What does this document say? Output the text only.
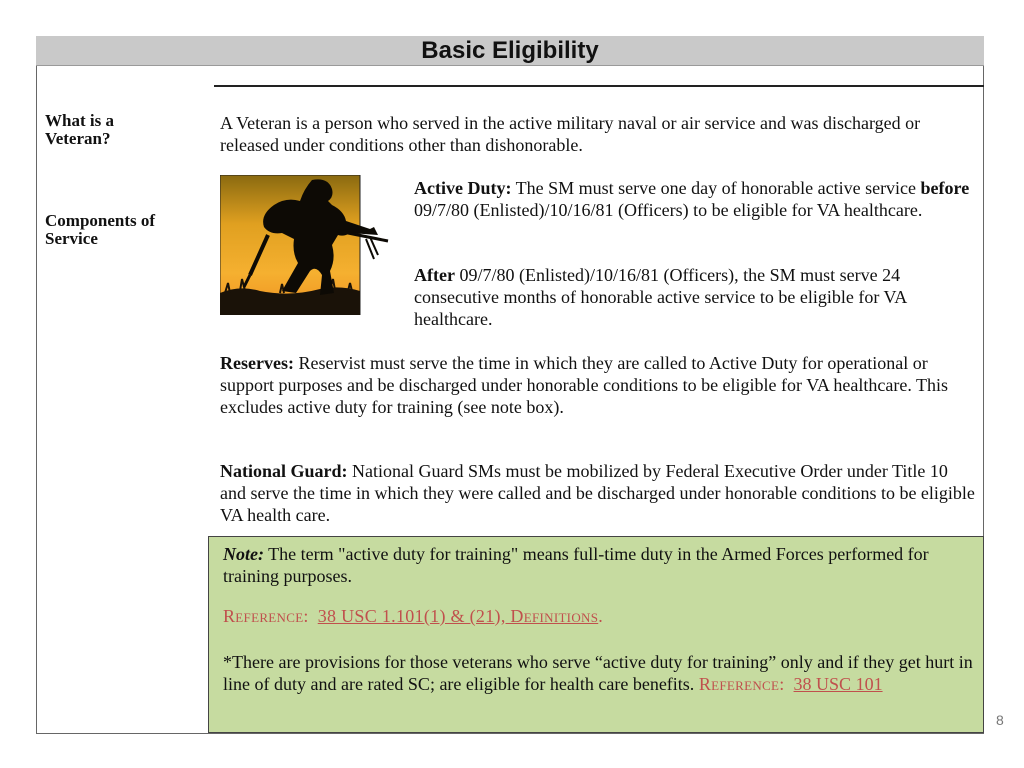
Basic Eligibility
What is a Veteran?
Components of Service
A Veteran is a person who served in the active military naval or air service and was discharged or released under conditions other than dishonorable.
Active Duty: The SM must serve one day of honorable active service before 09/7/80 (Enlisted)/10/16/81 (Officers) to be eligible for VA healthcare.
After 09/7/80 (Enlisted)/10/16/81 (Officers), the SM must serve 24 consecutive months of honorable active service to be eligible for VA healthcare.
Reserves: Reservist must serve the time in which they are called to Active Duty for operational or support purposes and be discharged under honorable conditions to be eligible for VA healthcare. This excludes active duty for training (see note box).
National Guard: National Guard SMs must be mobilized by Federal Executive Order under Title 10 and serve the time in which they were called and be discharged under honorable conditions to be eligible VA health care.
Note: The term "active duty for training" means full-time duty in the Armed Forces performed for training purposes.
Reference: 38 USC 1.101(1) & (21), Definitions.
*There are provisions for those veterans who serve “active duty for training” only and if they get hurt in line of duty and are rated SC; are eligible for health care benefits. Reference: 38 USC 101
8
